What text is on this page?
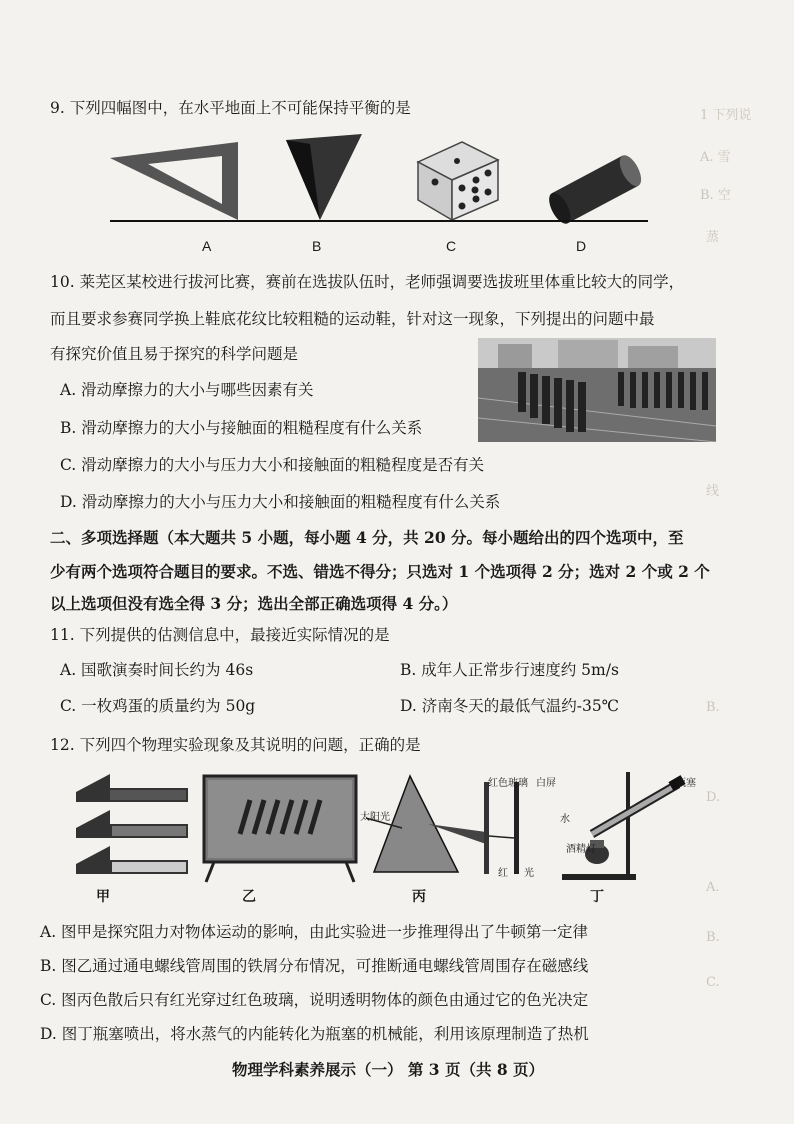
1 下列说
A. 雪
B. 空
蒸
线
B.
D.
A.
B.
C.
9. 下列四幅图中，在水平地面上不可能保持平衡的是
A	B	C	D
10. 莱芜区某校进行拔河比赛，赛前在选拔队伍时，老师强调要选拔班里体重比较大的同学，
而且要求参赛同学换上鞋底花纹比较粗糙的运动鞋，针对这一现象，下列提出的问题中最
有探究价值且易于探究的科学问题是
A. 滑动摩擦力的大小与哪些因素有关
B. 滑动摩擦力的大小与接触面的粗糙程度有什么关系
C. 滑动摩擦力的大小与压力大小和接触面的粗糙程度是否有关
D. 滑动摩擦力的大小与压力大小和接触面的粗糙程度有什么关系
二、多项选择题（本大题共 5 小题，每小题 4 分，共 20 分。每小题给出的四个选项中，至
少有两个选项符合题目的要求。不选、错选不得分；只选对 1 个选项得 2 分；选对 2 个或 2 个
以上选项但没有选全得 3 分；选出全部正确选项得 4 分。）
11. 下列提供的估测信息中，最接近实际情况的是
A. 国歌演奏时间长约为 46s	B. 成年人正常步行速度约 5m/s
C. 一枚鸡蛋的质量约为 50g	D. 济南冬天的最低气温约-35℃
12. 下列四个物理实验现象及其说明的问题，正确的是
红色玻璃 白屏
太阳光
红 光
瓶塞
水
酒精灯
甲	乙	丙	丁
A. 图甲是探究阻力对物体运动的影响，由此实验进一步推理得出了牛顿第一定律
B. 图乙通过通电螺线管周围的铁屑分布情况，可推断通电螺线管周围存在磁感线
C. 图丙色散后只有红光穿过红色玻璃，说明透明物体的颜色由通过它的色光决定
D. 图丁瓶塞喷出，将水蒸气的内能转化为瓶塞的机械能，利用该原理制造了热机
物理学科素养展示（一） 第 3 页（共 8 页）
